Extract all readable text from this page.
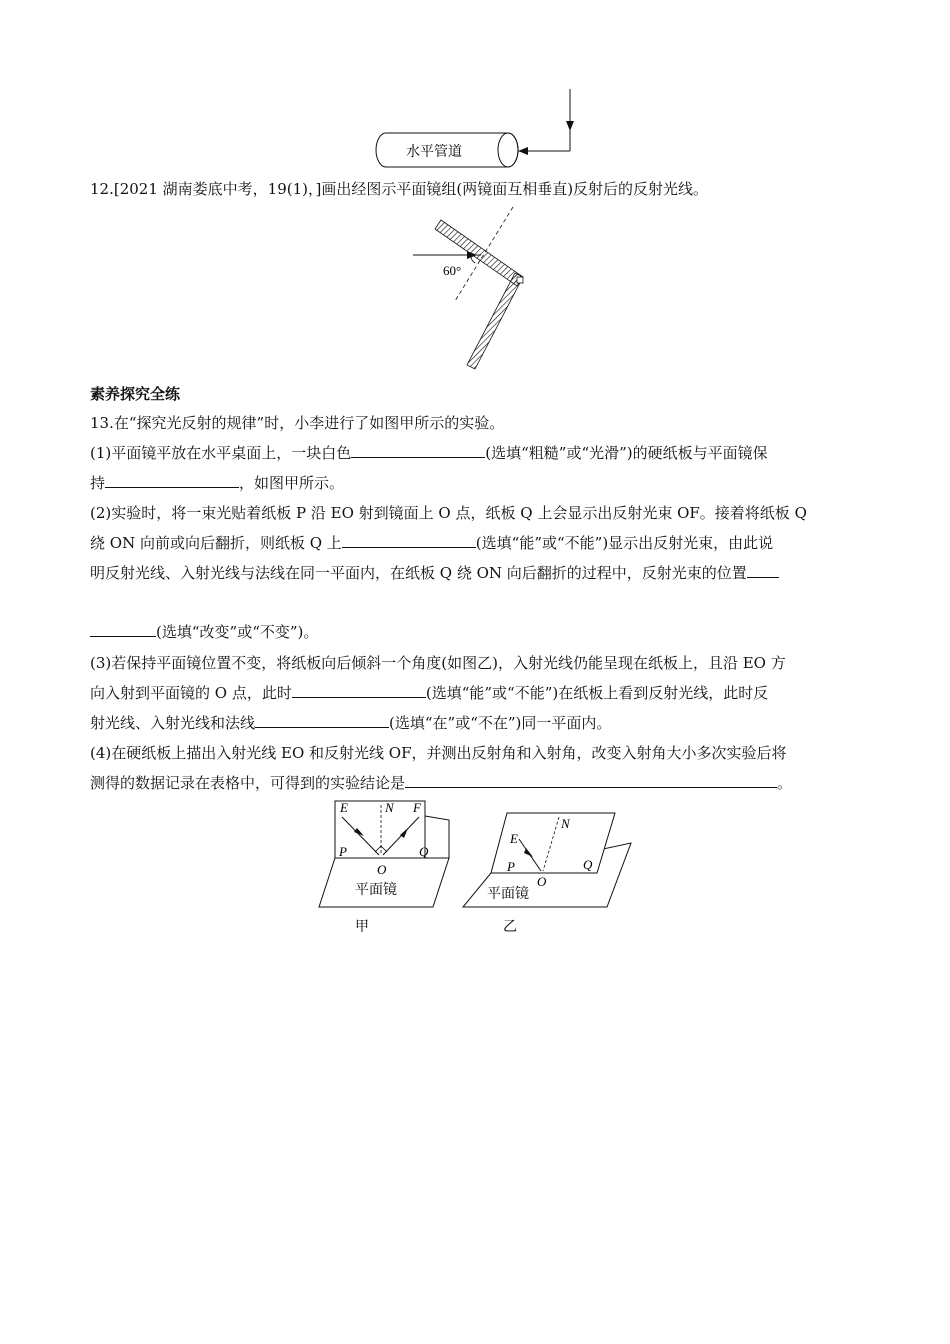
水平管道
12.[2021 湖南娄底中考，19(1)，]画出经图示平面镜组(两镜面互相垂直)反射后的反射光线。
60°
素养探究全练
13.在“探究光反射的规律”时，小李进行了如图甲所示的实验。
(1)平面镜平放在水平桌面上，一块白色	(选填“粗糙”或“光滑”)的硬纸板与平面镜保
持	，如图甲所示。
(2)实验时，将一束光贴着纸板 P 沿 EO 射到镜面上 O 点，纸板 Q 上会显示出反射光束 OF。接着将纸板 Q
绕 ON 向前或向后翻折，则纸板 Q 上	(选填“能”或“不能”)显示出反射光束，由此说
明反射光线、入射光线与法线在同一平面内，在纸板 Q 绕 ON 向后翻折的过程中，反射光束的位置
(选填“改变”或“不变”)。
(3)若保持平面镜位置不变，将纸板向后倾斜一个角度(如图乙)，入射光线仍能呈现在纸板上，且沿 EO 方
向入射到平面镜的 O 点，此时	(选填“能”或“不能”)在纸板上看到反射光线，此时反
射光线、入射光线和法线	(选填“在”或“不在”)同一平面内。
(4)在硬纸板上描出入射光线 EO 和反射光线 OF，并测出反射角和入射角，改变入射角大小多次实验后将
测得的数据记录在表格中，可得到的实验结论是	。
E	N F
P	Q
O
平面镜
甲
E
N
P	Q
O
平面镜
乙
